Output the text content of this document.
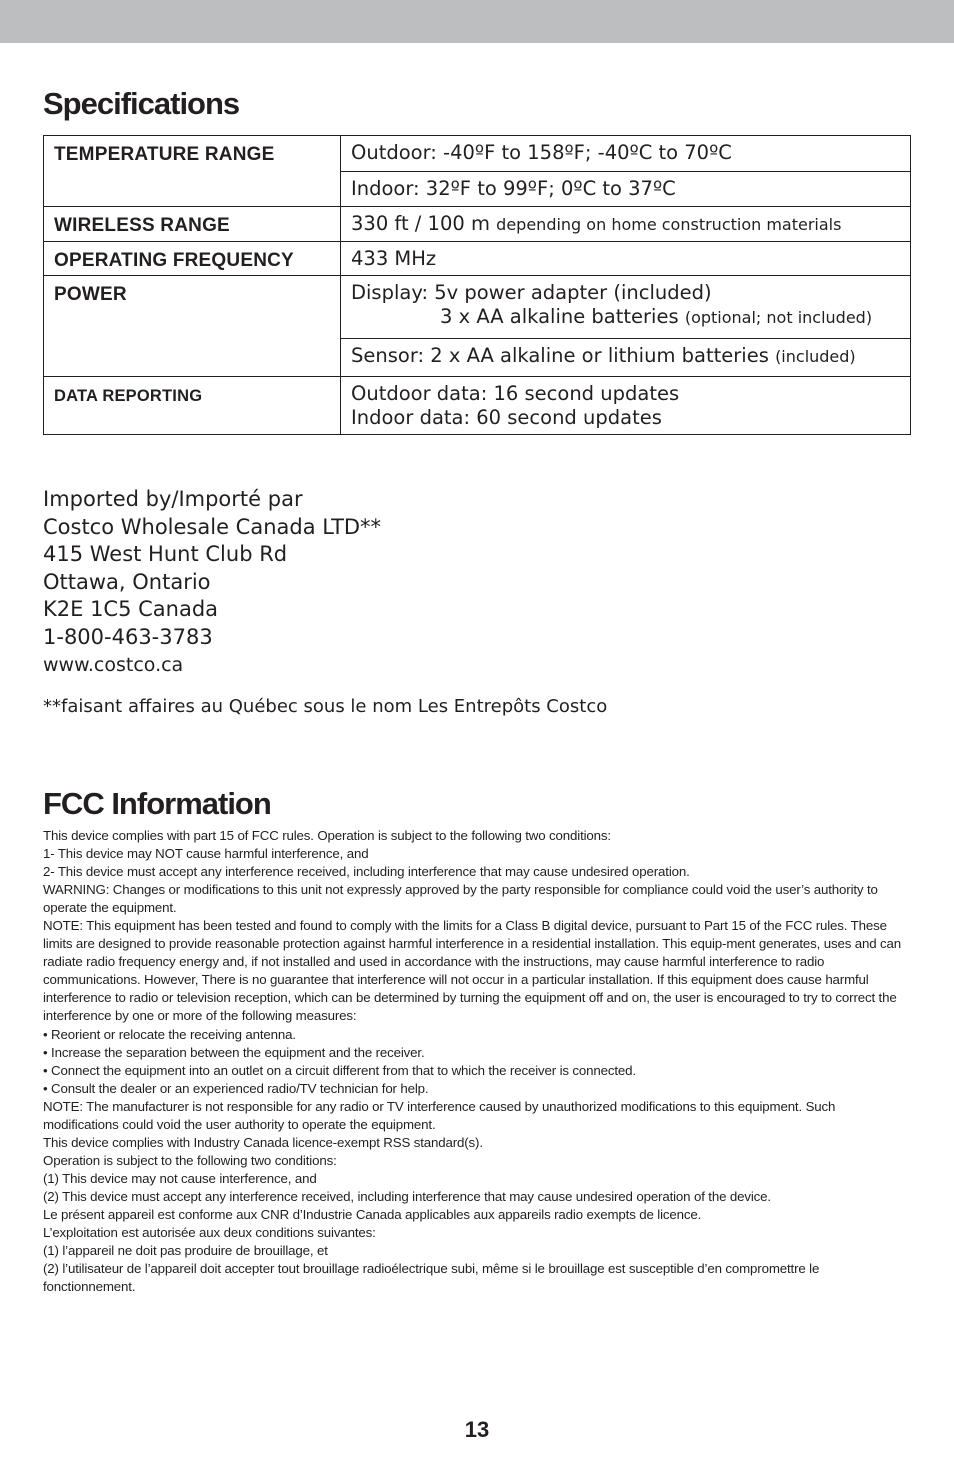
Specifications
TEMPERATURE RANGE	Outdoor: -40ºF to 158ºF; -40ºC to 70ºC
	Indoor: 32ºF to 99ºF; 0ºC to 37ºC
WIRELESS RANGE	330 ft / 100 m depending on home construction materials
OPERATING FREQUENCY	433 MHz
POWER	Display: 5v power adapter (included)
3 x AA alkaline batteries (optional; not included)

	Sensor: 2 x AA alkaline or lithium batteries (included)
DATA REPORTING	Outdoor data: 16 second updates
Indoor data: 60 second updates
Imported by/Importé par
Costco Wholesale Canada LTD**
415 West Hunt Club Rd
Ottawa, Ontario
K2E 1C5 Canada
1-800-463-3783
www.costco.ca
**faisant affaires au Québec sous le nom Les Entrepôts Costco
FCC Information

This device complies with part 15 of FCC rules. Operation is subject to the following two conditions:

1- This device may NOT cause harmful interference, and

2- This device must accept any interference received, including interference that may cause undesired operation.

WARNING: Changes or modifications to this unit not expressly approved by the party responsible for compliance could void the user’s authority to operate the equipment.

NOTE: This equipment has been tested and found to comply with the limits for a Class B digital device, pursuant to Part 15 of the FCC rules. These limits are designed to provide reasonable protection against harmful interference in a residential installation. This equip-ment generates, uses and can radiate radio frequency energy and, if not installed and used in accordance with the instructions, may cause harmful interference to radio communications. However, There is no guarantee that interference will not occur in a particular installation. If this equipment does cause harmful interference to radio or television reception, which can be determined by turning the equipment off and on, the user is encouraged to try to correct the interference by one or more of the following measures:

• Reorient or relocate the receiving antenna.

• Increase the separation between the equipment and the receiver.

• Connect the equipment into an outlet on a circuit different from that to which the receiver is connected.

• Consult the dealer or an experienced radio/TV technician for help.

NOTE: The manufacturer is not responsible for any radio or TV interference caused by unauthorized modifications to this equipment. Such modifications could void the user authority to operate the equipment.

This device complies with Industry Canada licence-exempt RSS standard(s).

Operation is subject to the following two conditions:

(1) This device may not cause interference, and

(2) This device must accept any interference received, including interference that may cause undesired operation of the device.

Le présent appareil est conforme aux CNR d’Industrie Canada applicables aux appareils radio exempts de licence.

L’exploitation est autorisée aux deux conditions suivantes:

(1) l’appareil ne doit pas produire de brouillage, et

(2) l’utilisateur de l’appareil doit accepter tout brouillage radioélectrique subi, même si le brouillage est susceptible d’en compromettre le fonctionnement.

13
